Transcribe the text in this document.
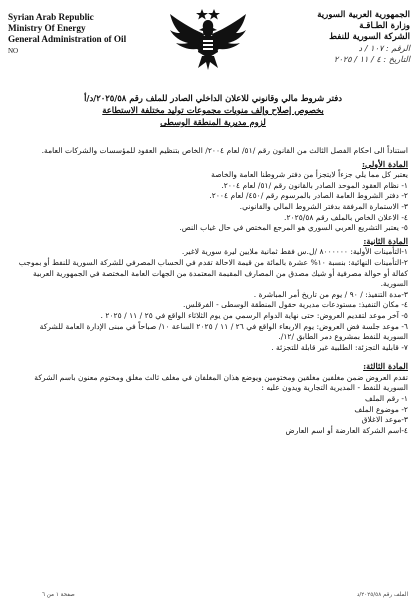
Syrian Arab Republic
Ministry Of Energy
General Administration of Oil
NO
الجمهورية العربية السورية
وزارة الطـاقـة
الشركة السورية للنفط
الرقم : ١٠٧ / د
التاريخ : ٤ / ١١ / ٢٠٢٥
دفتر شروط مالي وقانوني للاعلان الداخلي الصادر للملف رقم ٢٠٢٥/٥٨/د/أ
بخصوص إصلاح وإلف منويات مجموعات توليد مختلفة الاستطاعة
لزوم مديرية المنطقة الوسطى

استناداً الى احكام الفصل الثالث من القانون رقم /٥١/ لعام ٢٠٠٤/ الخاص بتنظيم العقود للمؤسسات والشركات العامة.

المادة الأولى:

يعتبر كل مما يلي جزءاً لايتجزأ من دفتر شروطنا العامة والخاصة

١- نظام العقود الموحد الصادر بالقانون رقم /٥١/ لعام ٢٠٠٤.

٢- دفتر الشروط العامة الصادر بالمرسوم رقم /٤٥٠/ لعام ٢٠٠٤.

٣- الاستمارة المرفقة بدفتر الشروط المالي والقانوني.

٤- الاعلان الخاص بالملف رقم ٢٠٢٥/٥٨.

٥- يعتبر التشريع العربي السوري هو المرجع المختص في حال غياب النص.

المادة الثانية:

١-التأمينات الأولية: ٨٠٠٠٠٠٠ /ل.س فقط ثمانية ملايين ليرة سورية لاغير.

٢-التأمينات النهائية: بنسبة ١٠% عشرة بالمائة من قيمة الاحالة تقدم في الحساب المصرفي للشركة السورية للنفط أو بموجب كفالة أو حوالة مصرفية أو شيك مصدق من المصارف المقيمة المعتمدة من الجهات العامة المختصة في الجمهورية العربية السورية.

٣-مدة التنفيذ: / ٩٠ / يوم من تاريخ أمر المباشرة .

٤- مكان التنفيذ: مستودعات مديرية حقول المنطقة الوسطى - الفرقلس.

٥- آخر موعد لتقديم العروض: حتى نهاية الدوام الرسمي من يوم الثلاثاء الواقع في ٢٥ / ١١ / ٢٠٢٥ .

٦- موعد جلسة فض العروض: يوم الاربعاء الواقع في ٢٦ / ١١ / ٢٠٢٥ الساعة ١٠/ صباحاً في مبنى الإدارة العامة للشركة السورية للنفط بمشروع دمر الطابق /١٢/.

٧- قابلية التجزئة: الطلبية غير قابلة للتجزئة .

المادة الثالثة:

تقدم العروض ضمن مغلفين مغلقين ومختومين ويوضع هذان المغلفان في مغلف ثالث مغلق ومختوم معنون باسم الشركة السورية للنفط - المديرية التجارية ويدون عليه :

١- رقم الملف

٢- موضوع الملف

٣-موعد الاغلاق

٤-اسم الشركة العارضة أو اسم العارض

صفحة ١ من ٦	الملف رقم ٢٠٢٥/٥٨/د
